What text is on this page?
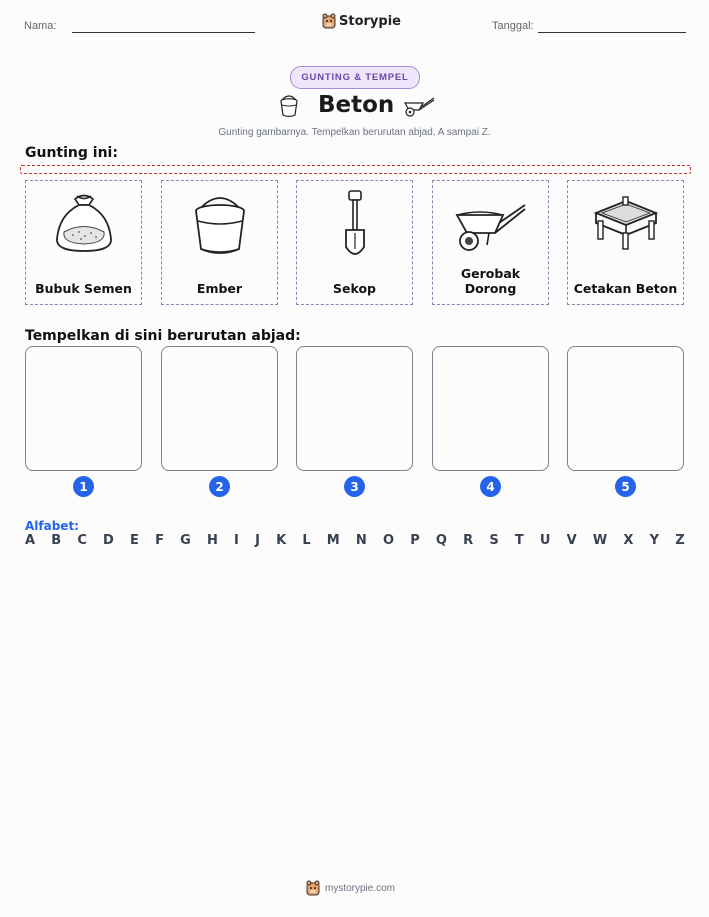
Nama:	Storypie	Tanggal:
GUNTING & TEMPEL
Beton
Gunting gambarnya. Tempelkan berurutan abjad, A sampai Z.
Gunting ini:
Bubuk Semen	Ember	Sekop
Gerobak Dorong	Cetakan Beton
Tempelkan di sini berurutan abjad:
1	2	3	4	5
Alfabet:
A B C D E F G H I J K L M N O P Q R S T U V W X Y Z
mystorypie.com
